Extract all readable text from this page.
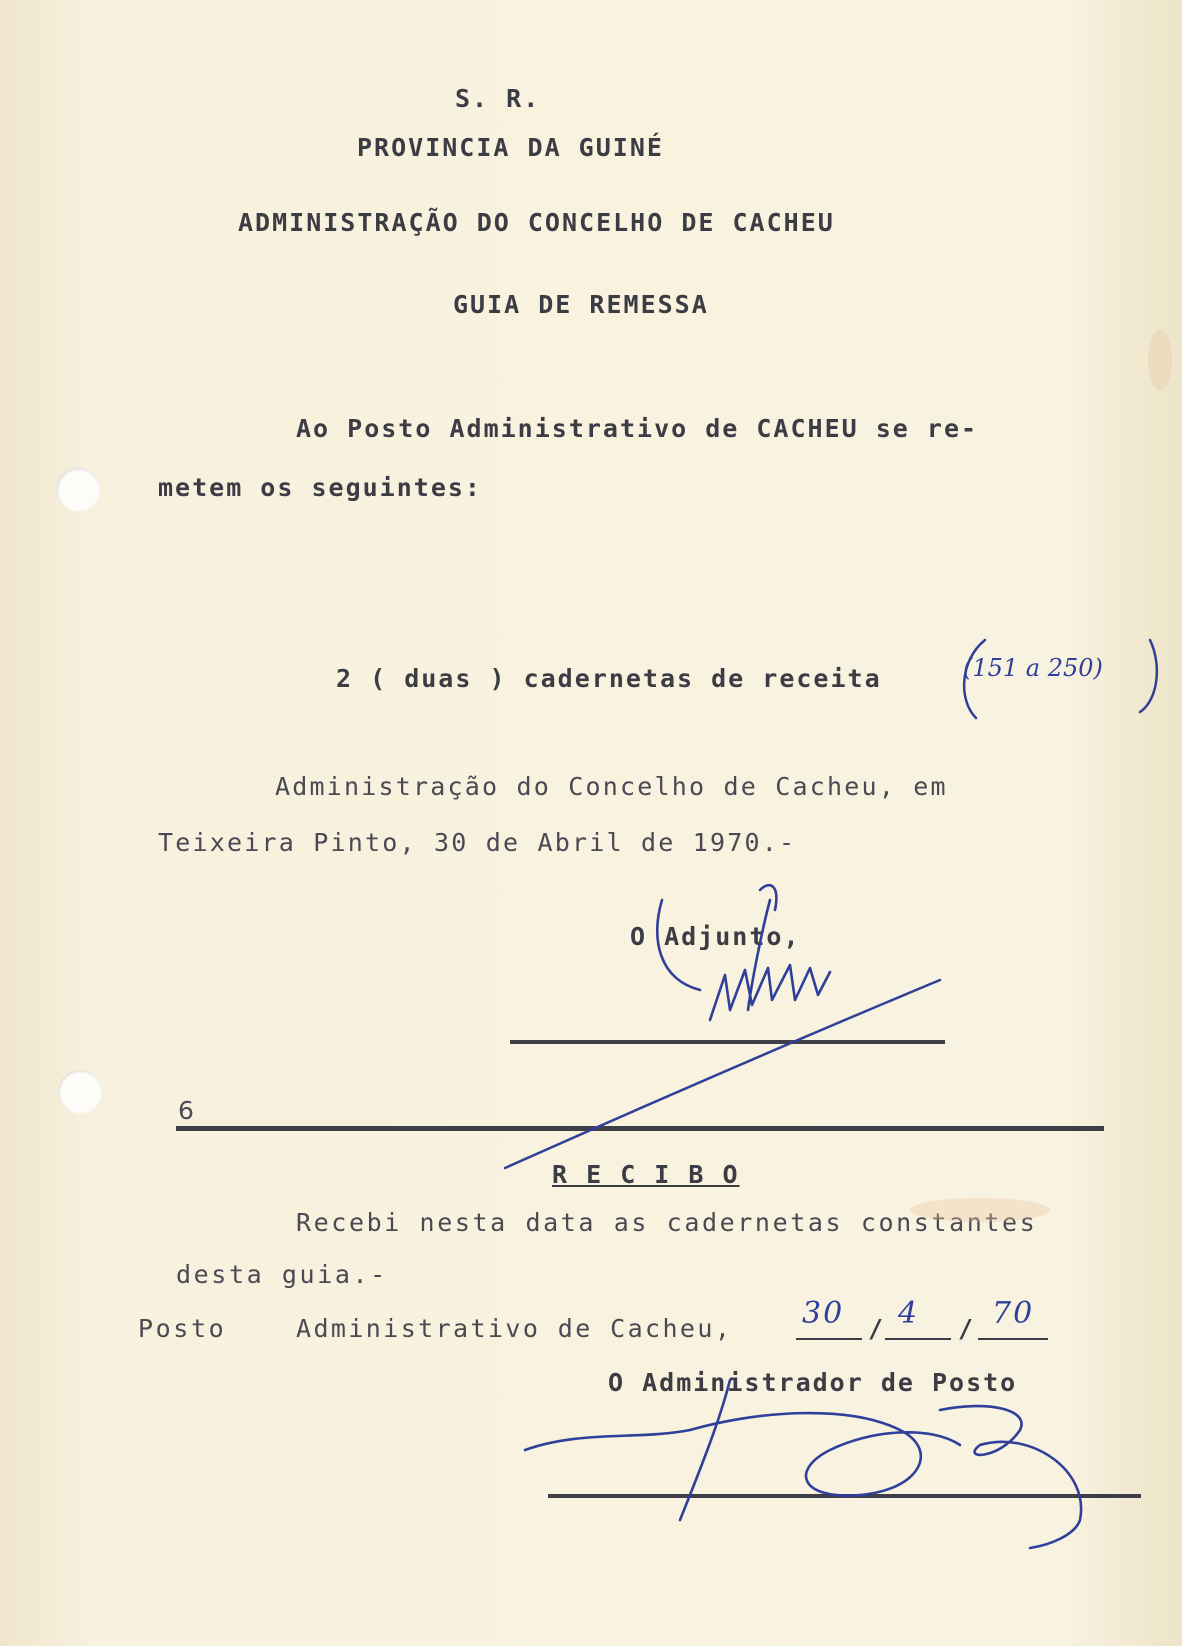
S. R.
PROVINCIA DA GUINÉ
ADMINISTRAÇÃO DO CONCELHO DE CACHEU
GUIA DE REMESSA
Ao Posto Administrativo de CACHEU se re-
metem os seguintes:
2 ( duas ) cadernetas de receita	(151 a 250)
Administração do Concelho de Cacheu, em
Teixeira Pinto, 30 de Abril de 1970.-
O Adjunto,
6
R E C I B O
Recebi nesta data as cadernetas constantes
desta guia.-
Posto	Administrativo de Cacheu, 30 / 4 / 70
O Administrador de Posto
